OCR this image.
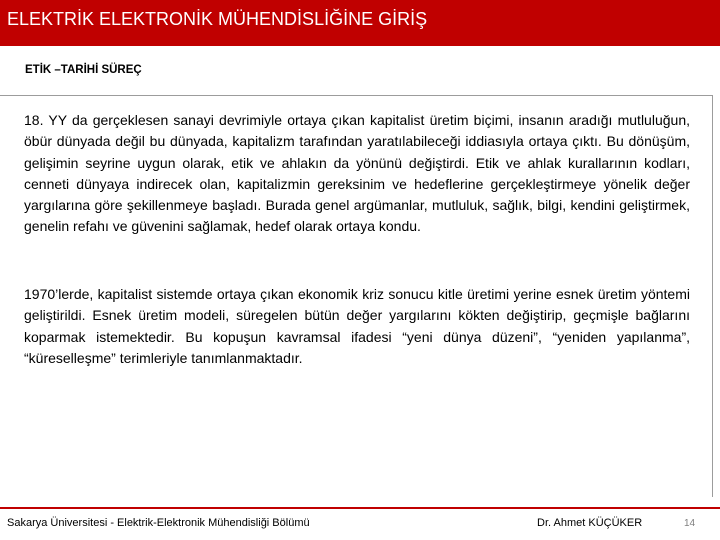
ELEKTRİK ELEKTRONİK MÜHENDİSLİĞİNE GİRİŞ
ETİK –TARİHİ SÜREÇ

18. YY da gerçeklesen sanayi devrimiyle ortaya çıkan kapitalist üretim biçimi, insanın aradığı mutluluğun, öbür dünyada değil bu dünyada, kapitalizm tarafından yaratılabileceği iddiasıyla ortaya çıktı. Bu dönüşüm, gelişimin seyrine uygun olarak, etik ve ahlakın da yönünü değiştirdi. Etik ve ahlak kurallarının kodları, cenneti dünyaya indirecek olan, kapitalizmin gereksinim ve hedeflerine gerçekleştirmeye yönelik değer yargılarına göre şekillenmeye başladı. Burada genel argümanlar, mutluluk, sağlık, bilgi, kendini geliştirmek, genelin refahı ve güvenini sağlamak, hedef olarak ortaya kondu.

1970’lerde, kapitalist sistemde ortaya çıkan ekonomik kriz sonucu kitle üretimi yerine esnek üretim yöntemi geliştirildi. Esnek üretim modeli, süregelen bütün değer yargılarını kökten değiştirip, geçmişle bağlarını koparmak istemektedir. Bu kopuşun kavramsal ifadesi “yeni dünya düzeni”, “yeniden yapılanma”, “küreselleşme” terimleriyle tanımlanmaktadır.

Sakarya Üniversitesi - Elektrik-Elektronik Mühendisliği Bölümü	Dr. Ahmet KÜÇÜKER	14
